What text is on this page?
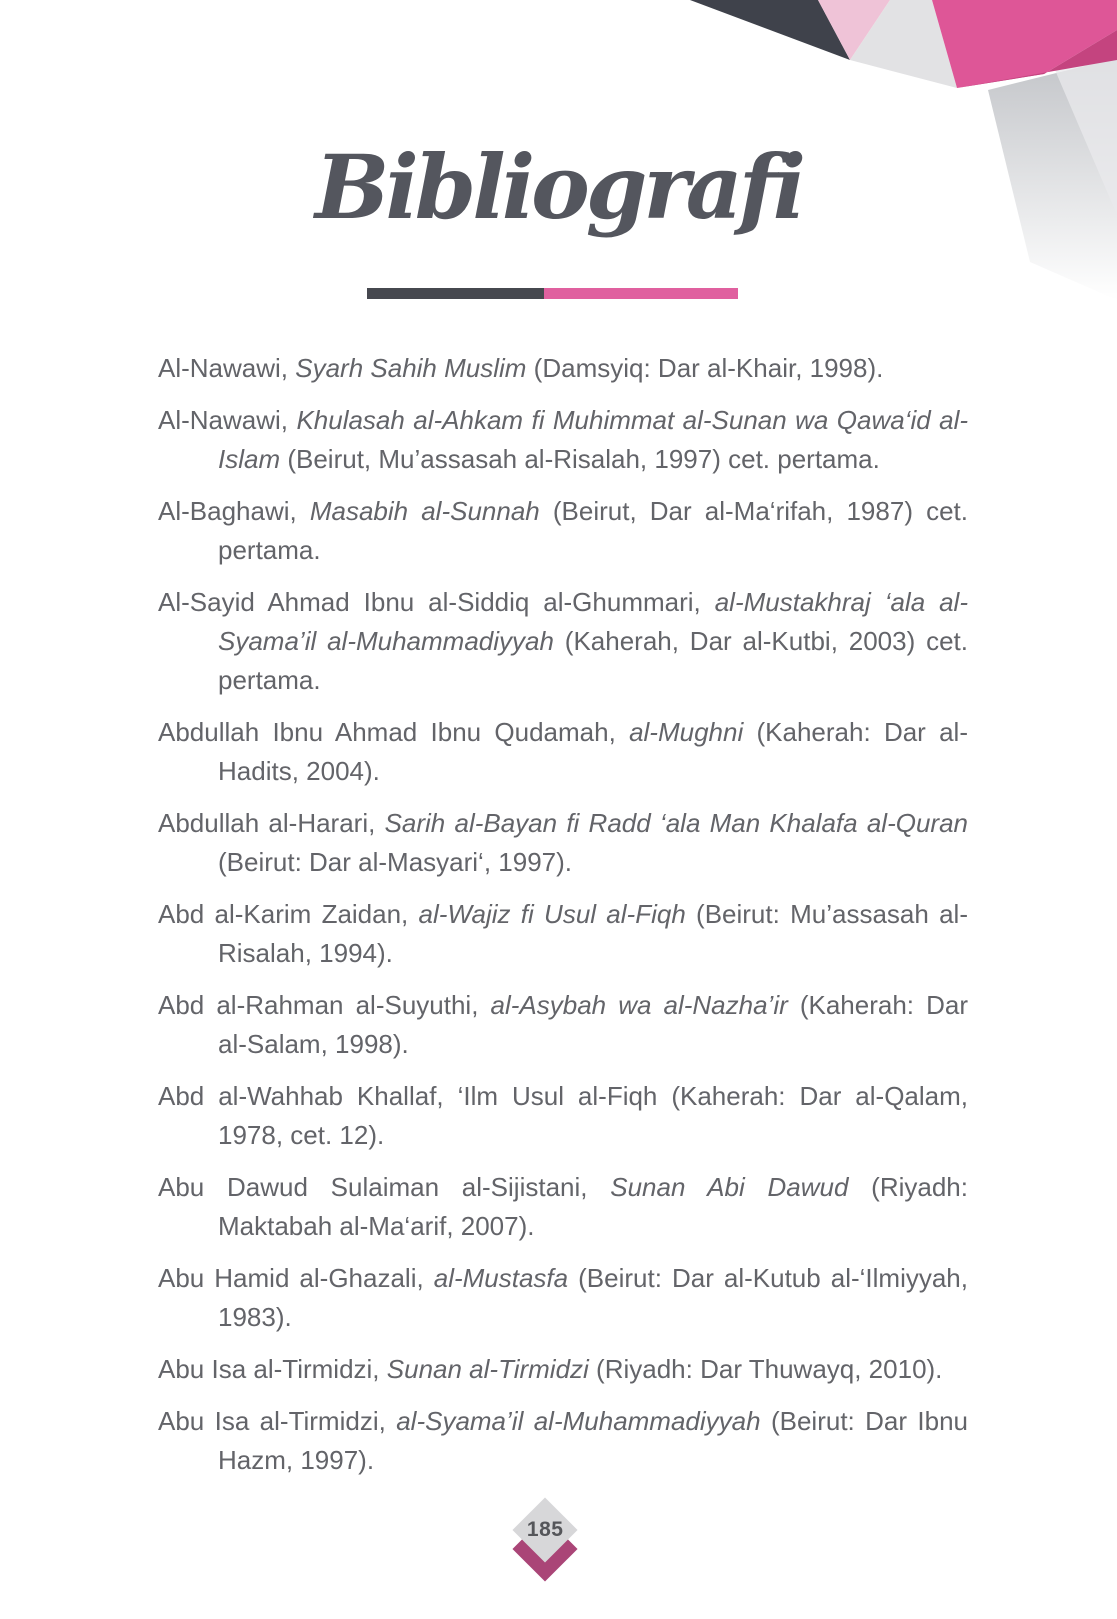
Bibliografi

Al-Nawawi, Syarh Sahih Muslim (Damsyiq: Dar al-Khair, 1998).

Al-Nawawi, Khulasah al-Ahkam fi Muhimmat al-Sunan wa Qawa‘id al-Islam (Beirut, Mu’assasah al-Risalah, 1997) cet. pertama.

Al-Baghawi, Masabih al-Sunnah (Beirut, Dar al-Ma‘rifah, 1987) cet. pertama.

Al-Sayid Ahmad Ibnu al-Siddiq al-Ghummari, al-Mustakhraj ‘ala al-Syama’il al-Muhammadiyyah (Kaherah, Dar al-Kutbi, 2003) cet. pertama.

Abdullah Ibnu Ahmad Ibnu Qudamah, al-Mughni (Kaherah: Dar al-Hadits, 2004).

Abdullah al-Harari, Sarih al-Bayan fi Radd ‘ala Man Khalafa al-Quran (Beirut: Dar al-Masyari‘, 1997).

Abd al-Karim Zaidan, al-Wajiz fi Usul al-Fiqh (Beirut: Mu’assasah al-Risalah, 1994).

Abd al-Rahman al-Suyuthi, al-Asybah wa al-Nazha’ir (Kaherah: Dar al-Salam, 1998).

Abd al-Wahhab Khallaf, ‘Ilm Usul al-Fiqh (Kaherah: Dar al-Qalam, 1978, cet. 12).

Abu Dawud Sulaiman al-Sijistani, Sunan Abi Dawud (Riyadh: Maktabah al-Ma‘arif, 2007).

Abu Hamid al-Ghazali, al-Mustasfa (Beirut: Dar al-Kutub al-‘Ilmiyyah, 1983).

Abu Isa al-Tirmidzi, Sunan al-Tirmidzi (Riyadh: Dar Thuwayq, 2010).

Abu Isa al-Tirmidzi, al-Syama’il al-Muhammadiyyah (Beirut: Dar Ibnu Hazm, 1997).

185
